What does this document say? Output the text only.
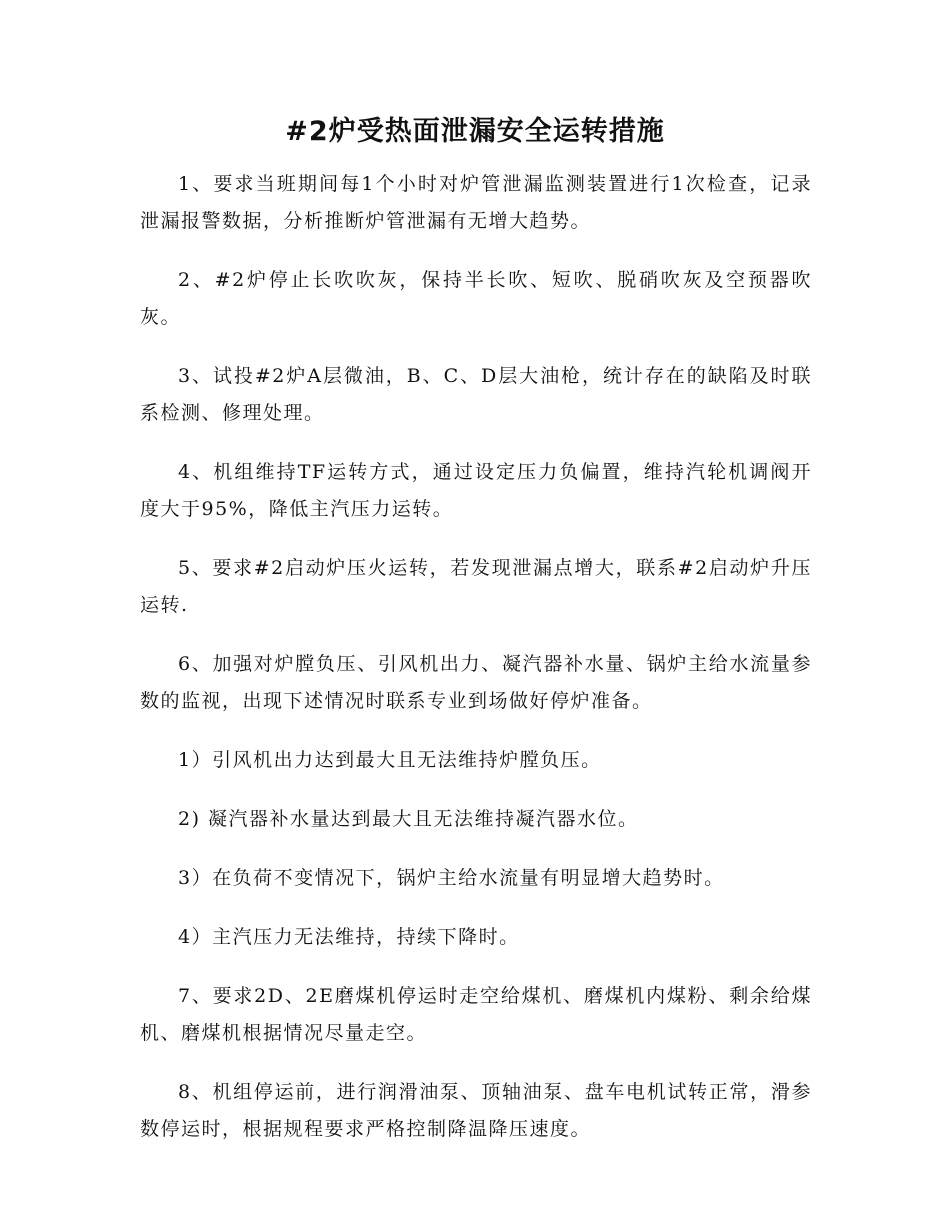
#2炉受热面泄漏安全运转措施

1、要求当班期间每1个小时对炉管泄漏监测装置进行1次检查，记录泄漏报警数据，分析推断炉管泄漏有无增大趋势。

2、#2炉停止长吹吹灰，保持半长吹、短吹、脱硝吹灰及空预器吹灰。

3、试投#2炉A层微油，B、C、D层大油枪，统计存在的缺陷及时联系检测、修理处理。

4、机组维持TF运转方式，通过设定压力负偏置，维持汽轮机调阀开度大于95%，降低主汽压力运转。

5、要求#2启动炉压火运转，若发现泄漏点增大，联系#2启动炉升压运转.

6、加强对炉膛负压、引风机出力、凝汽器补水量、锅炉主给水流量参数的监视，出现下述情况时联系专业到场做好停炉准备。

1）引风机出力达到最大且无法维持炉膛负压。

2) 凝汽器补水量达到最大且无法维持凝汽器水位。

3）在负荷不变情况下，锅炉主给水流量有明显增大趋势时。

4）主汽压力无法维持，持续下降时。

7、要求2D、2E磨煤机停运时走空给煤机、磨煤机内煤粉、剩余给煤机、磨煤机根据情况尽量走空。

8、机组停运前，进行润滑油泵、顶轴油泵、盘车电机试转正常，滑参数停运时，根据规程要求严格控制降温降压速度。
